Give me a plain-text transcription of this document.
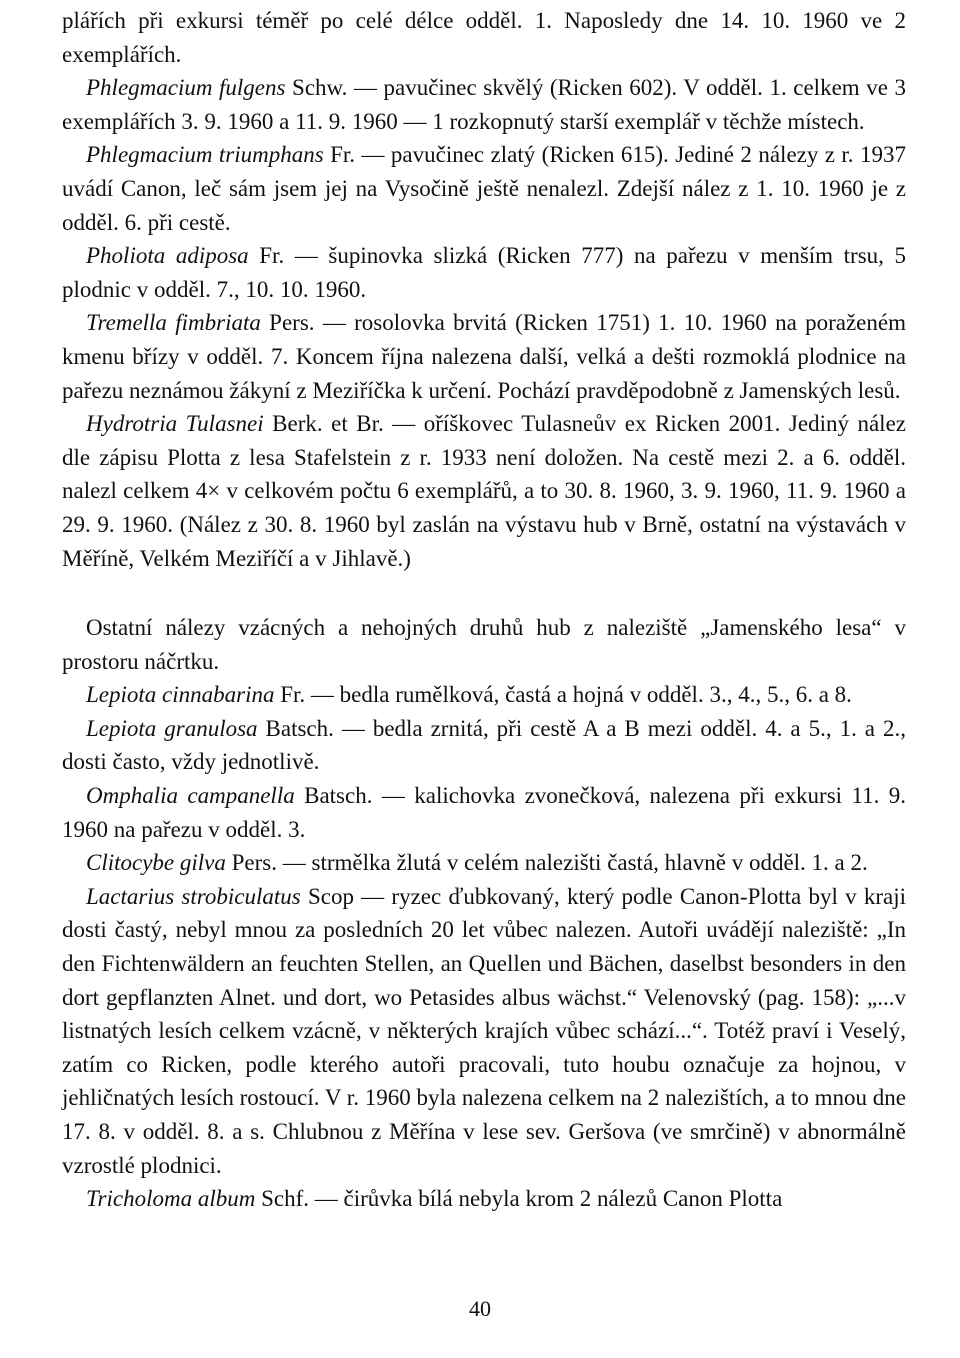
plářích při exkursi téměř po celé délce odděl. 1. Naposledy dne 14. 10. 1960 ve 2 exemplářích.

Phlegmacium fulgens Schw. — pavučinec skvělý (Ricken 602). V odděl. 1. celkem ve 3 exemplářích 3. 9. 1960 a 11. 9. 1960 — 1 rozkopnutý starší exemplář v těchže místech.

Phlegmacium triumphans Fr. — pavučinec zlatý (Ricken 615). Jediné 2 nálezy z r. 1937 uvádí Canon, leč sám jsem jej na Vysočině ještě nenalezl. Zdejší nález z 1. 10. 1960 je z odděl. 6. při cestě.

Pholiota adiposa Fr. — šupinovka slizká (Ricken 777) na pařezu v menším trsu, 5 plodnic v odděl. 7., 10. 10. 1960.

Tremella fimbriata Pers. — rosolovka brvitá (Ricken 1751) 1. 10. 1960 na poraženém kmenu břízy v odděl. 7. Koncem října nalezena další, velká a dešti rozmoklá plodnice na pařezu neznámou žákyní z Meziříčka k určení. Pochází pravděpodobně z Jamenských lesů.

Hydrotria Tulasnei Berk. et Br. — oříškovec Tulasneův ex Ricken 2001. Jediný nález dle zápisu Plotta z lesa Stafelstein z r. 1933 není doložen. Na cestě mezi 2. a 6. odděl. nalezl celkem 4× v celkovém počtu 6 exemplářů, a to 30. 8. 1960, 3. 9. 1960, 11. 9. 1960 a 29. 9. 1960. (Nález z 30. 8. 1960 byl zaslán na výstavu hub v Brně, ostatní na výstavách v Měříně, Velkém Meziříčí a v Jihlavě.)

Ostatní nálezy vzácných a nehojných druhů hub z naleziště „Jamenského lesa“ v prostoru náčrtku.

Lepiota cinnabarina Fr. — bedla rumělková, častá a hojná v odděl. 3., 4., 5., 6. a 8.

Lepiota granulosa Batsch. — bedla zrnitá, při cestě A a B mezi odděl. 4. a 5., 1. a 2., dosti často, vždy jednotlivě.

Omphalia campanella Batsch. — kalichovka zvonečková, nalezena při exkursi 11. 9. 1960 na pařezu v odděl. 3.

Clitocybe gilva Pers. — strmělka žlutá v celém nalezišti častá, hlavně v odděl. 1. a 2.

Lactarius strobiculatus Scop — ryzec ďubkovaný, který podle Canon-Plotta byl v kraji dosti častý, nebyl mnou za posledních 20 let vůbec nalezen. Autoři uvádějí naleziště: „In den Fichtenwäldern an feuchten Stellen, an Quellen und Bächen, daselbst besonders in den dort gepflanzten Alnet. und dort, wo Petasides albus wächst.“ Velenovský (pag. 158): „...v listnatých lesích celkem vzácně, v některých krajích vůbec schází...“. Totéž praví i Veselý, zatím co Ricken, podle kterého autoři pracovali, tuto houbu označuje za hojnou, v jehličnatých lesích rostoucí. V r. 1960 byla nalezena celkem na 2 nalezištích, a to mnou dne 17. 8. v odděl. 8. a s. Chlubnou z Měřína v lese sev. Geršova (ve smrčině) v abnormálně vzrostlé plodnici.

Tricholoma album Schf. — čirůvka bílá nebyla krom 2 nálezů Canon Plotta

40
